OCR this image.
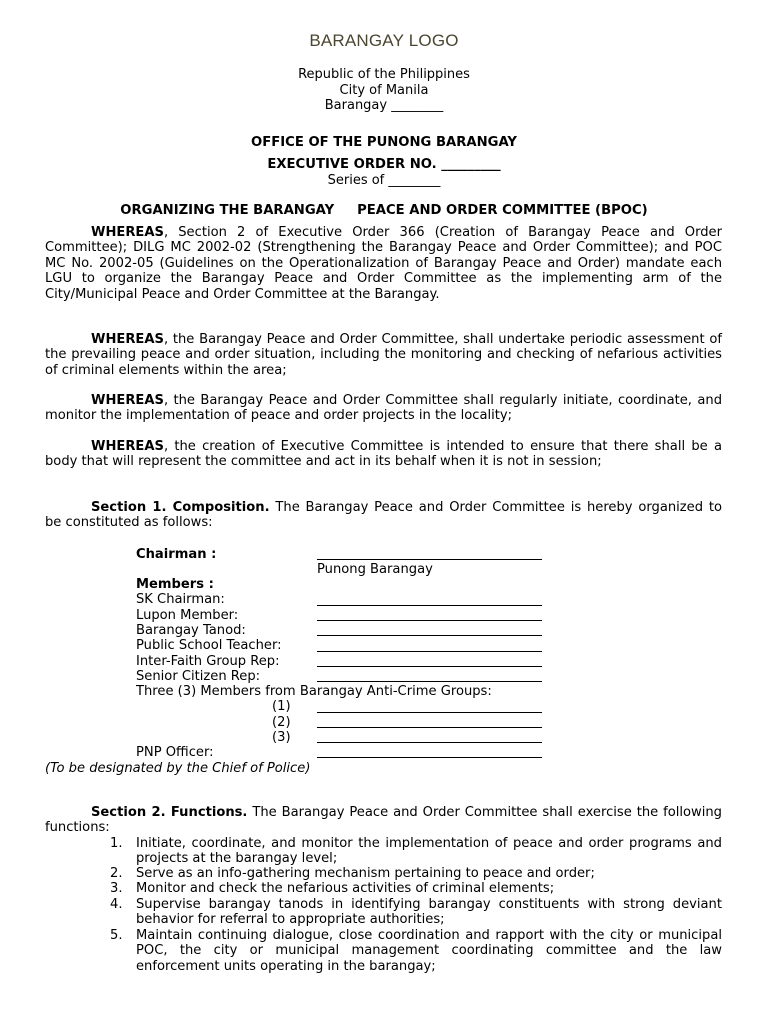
BARANGAY LOGO
Republic of the Philippines
City of Manila
Barangay ________
OFFICE OF THE PUNONG BARANGAY
EXECUTIVE ORDER NO. _________
Series of ________
ORGANIZING THE BARANGAY     PEACE AND ORDER COMMITTEE (BPOC)
WHEREAS, Section 2 of Executive Order 366 (Creation of Barangay Peace and Order Committee); DILG MC 2002-02 (Strengthening the Barangay Peace and Order Committee); and POC MC No. 2002-05 (Guidelines on the Operationalization of Barangay Peace and Order) mandate each LGU to organize the Barangay Peace and Order Committee as the implementing arm of the City/Municipal Peace and Order Committee at the Barangay.
WHEREAS, the Barangay Peace and Order Committee, shall undertake periodic assessment of the prevailing peace and order situation, including the monitoring and checking of nefarious activities of criminal elements within the area;
WHEREAS, the Barangay Peace and Order Committee shall regularly initiate, coordinate, and monitor the implementation of peace and order projects in the locality;
WHEREAS, the creation of Executive Committee is intended to ensure that there shall be a body that will represent the committee and act in its behalf when it is not in session;
Section 1. Composition. The Barangay Peace and Order Committee is hereby organized to be constituted as follows:
Chairman :
Punong Barangay
Members :
SK Chairman:
Lupon Member:
Barangay Tanod:
Public School Teacher:
Inter-Faith Group Rep:
Senior Citizen Rep:
Three (3) Members from Barangay Anti-Crime Groups:
(1)
(2)
(3)
PNP Officer:
(To be designated by the Chief of Police)
Section 2. Functions. The Barangay Peace and Order Committee shall exercise the following functions:
1.	Initiate, coordinate, and monitor the implementation of peace and order programs and projects at the barangay level;
2.	Serve as an info-gathering mechanism pertaining to peace and order;
3.	Monitor and check the nefarious activities of criminal elements;
4.	Supervise barangay tanods in identifying barangay constituents with strong deviant behavior for referral to appropriate authorities;
5.	Maintain continuing dialogue, close coordination and rapport with the city or municipal POC, the city or municipal management coordinating committee and the law enforcement units operating in the barangay;
